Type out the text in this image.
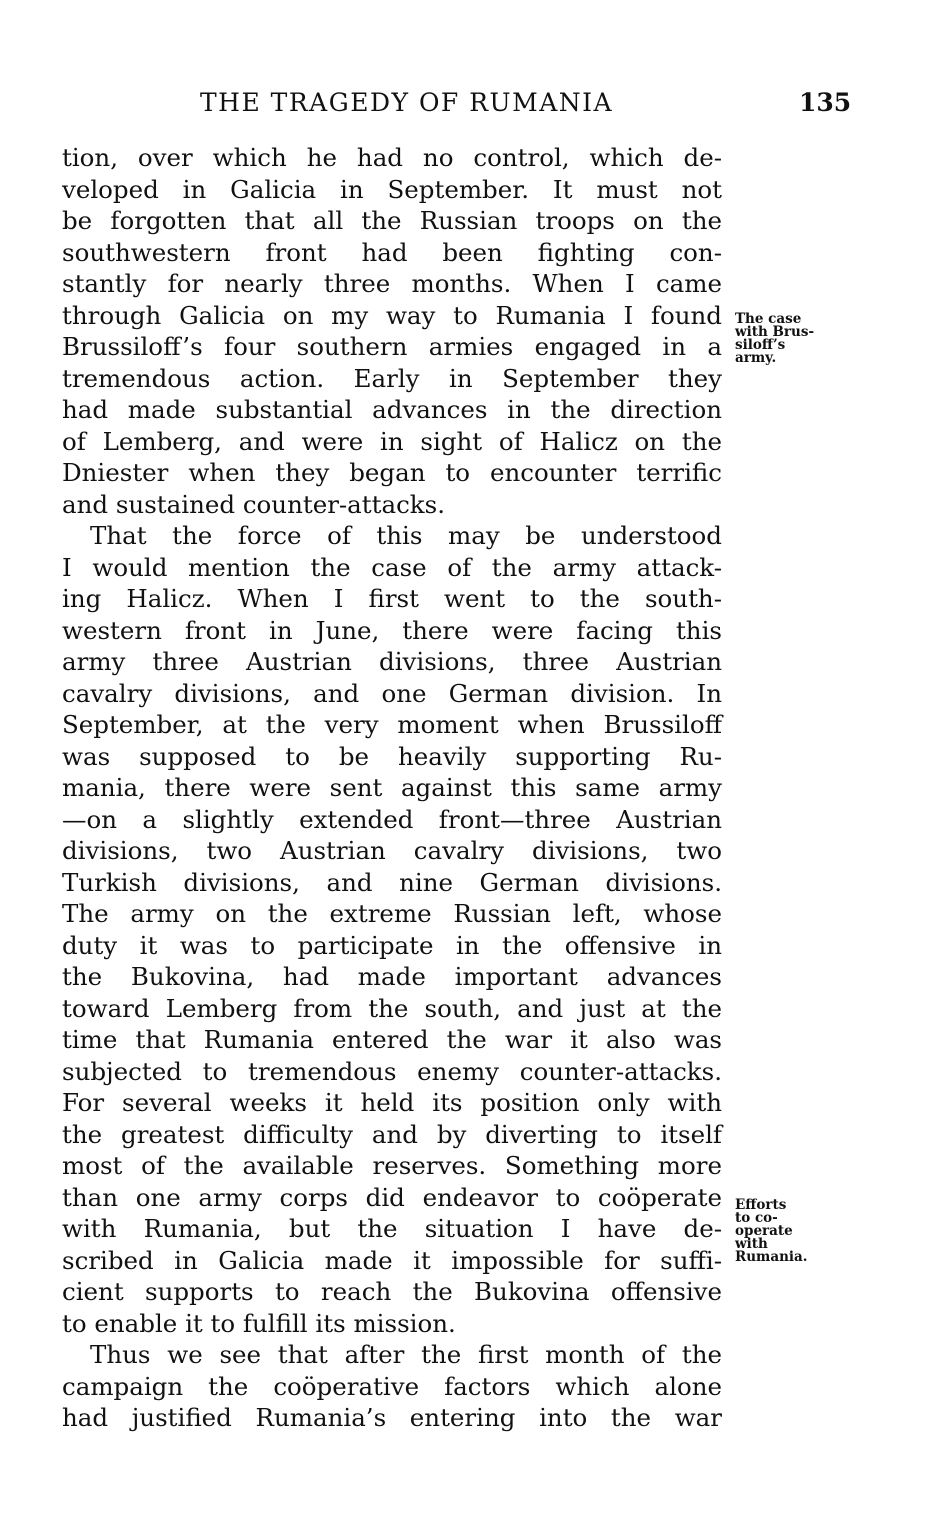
THE TRAGEDY OF RUMANIA	135
tion, over which he had no control, which de-
veloped in Galicia in September. It must not
be forgotten that all the Russian troops on the
southwestern front had been fighting con-
stantly for nearly three months. When I came
through Galicia on my way to Rumania I found
Brussiloff’s four southern armies engaged in a
tremendous action. Early in September they
had made substantial advances in the direction
of Lemberg, and were in sight of Halicz on the
Dniester when they began to encounter terrific
and sustained counter-attacks.
That the force of this may be understood
I would mention the case of the army attack-
ing Halicz. When I first went to the south-
western front in June, there were facing this
army three Austrian divisions, three Austrian
cavalry divisions, and one German division. In
September, at the very moment when Brussiloff
was supposed to be heavily supporting Ru-
mania, there were sent against this same army
—on a slightly extended front—three Austrian
divisions, two Austrian cavalry divisions, two
Turkish divisions, and nine German divisions.
The army on the extreme Russian left, whose
duty it was to participate in the offensive in
the Bukovina, had made important advances
toward Lemberg from the south, and just at the
time that Rumania entered the war it also was
subjected to tremendous enemy counter-attacks.
For several weeks it held its position only with
the greatest difficulty and by diverting to itself
most of the available reserves. Something more
than one army corps did endeavor to coöperate
with Rumania, but the situation I have de-
scribed in Galicia made it impossible for suffi-
cient supports to reach the Bukovina offensive
to enable it to fulfill its mission.
Thus we see that after the first month of the
campaign the coöperative factors which alone
had justified Rumania’s entering into the war
The case
with Brus-
siloff’s
army.
Efforts
to co-
operate
with
Rumania.
